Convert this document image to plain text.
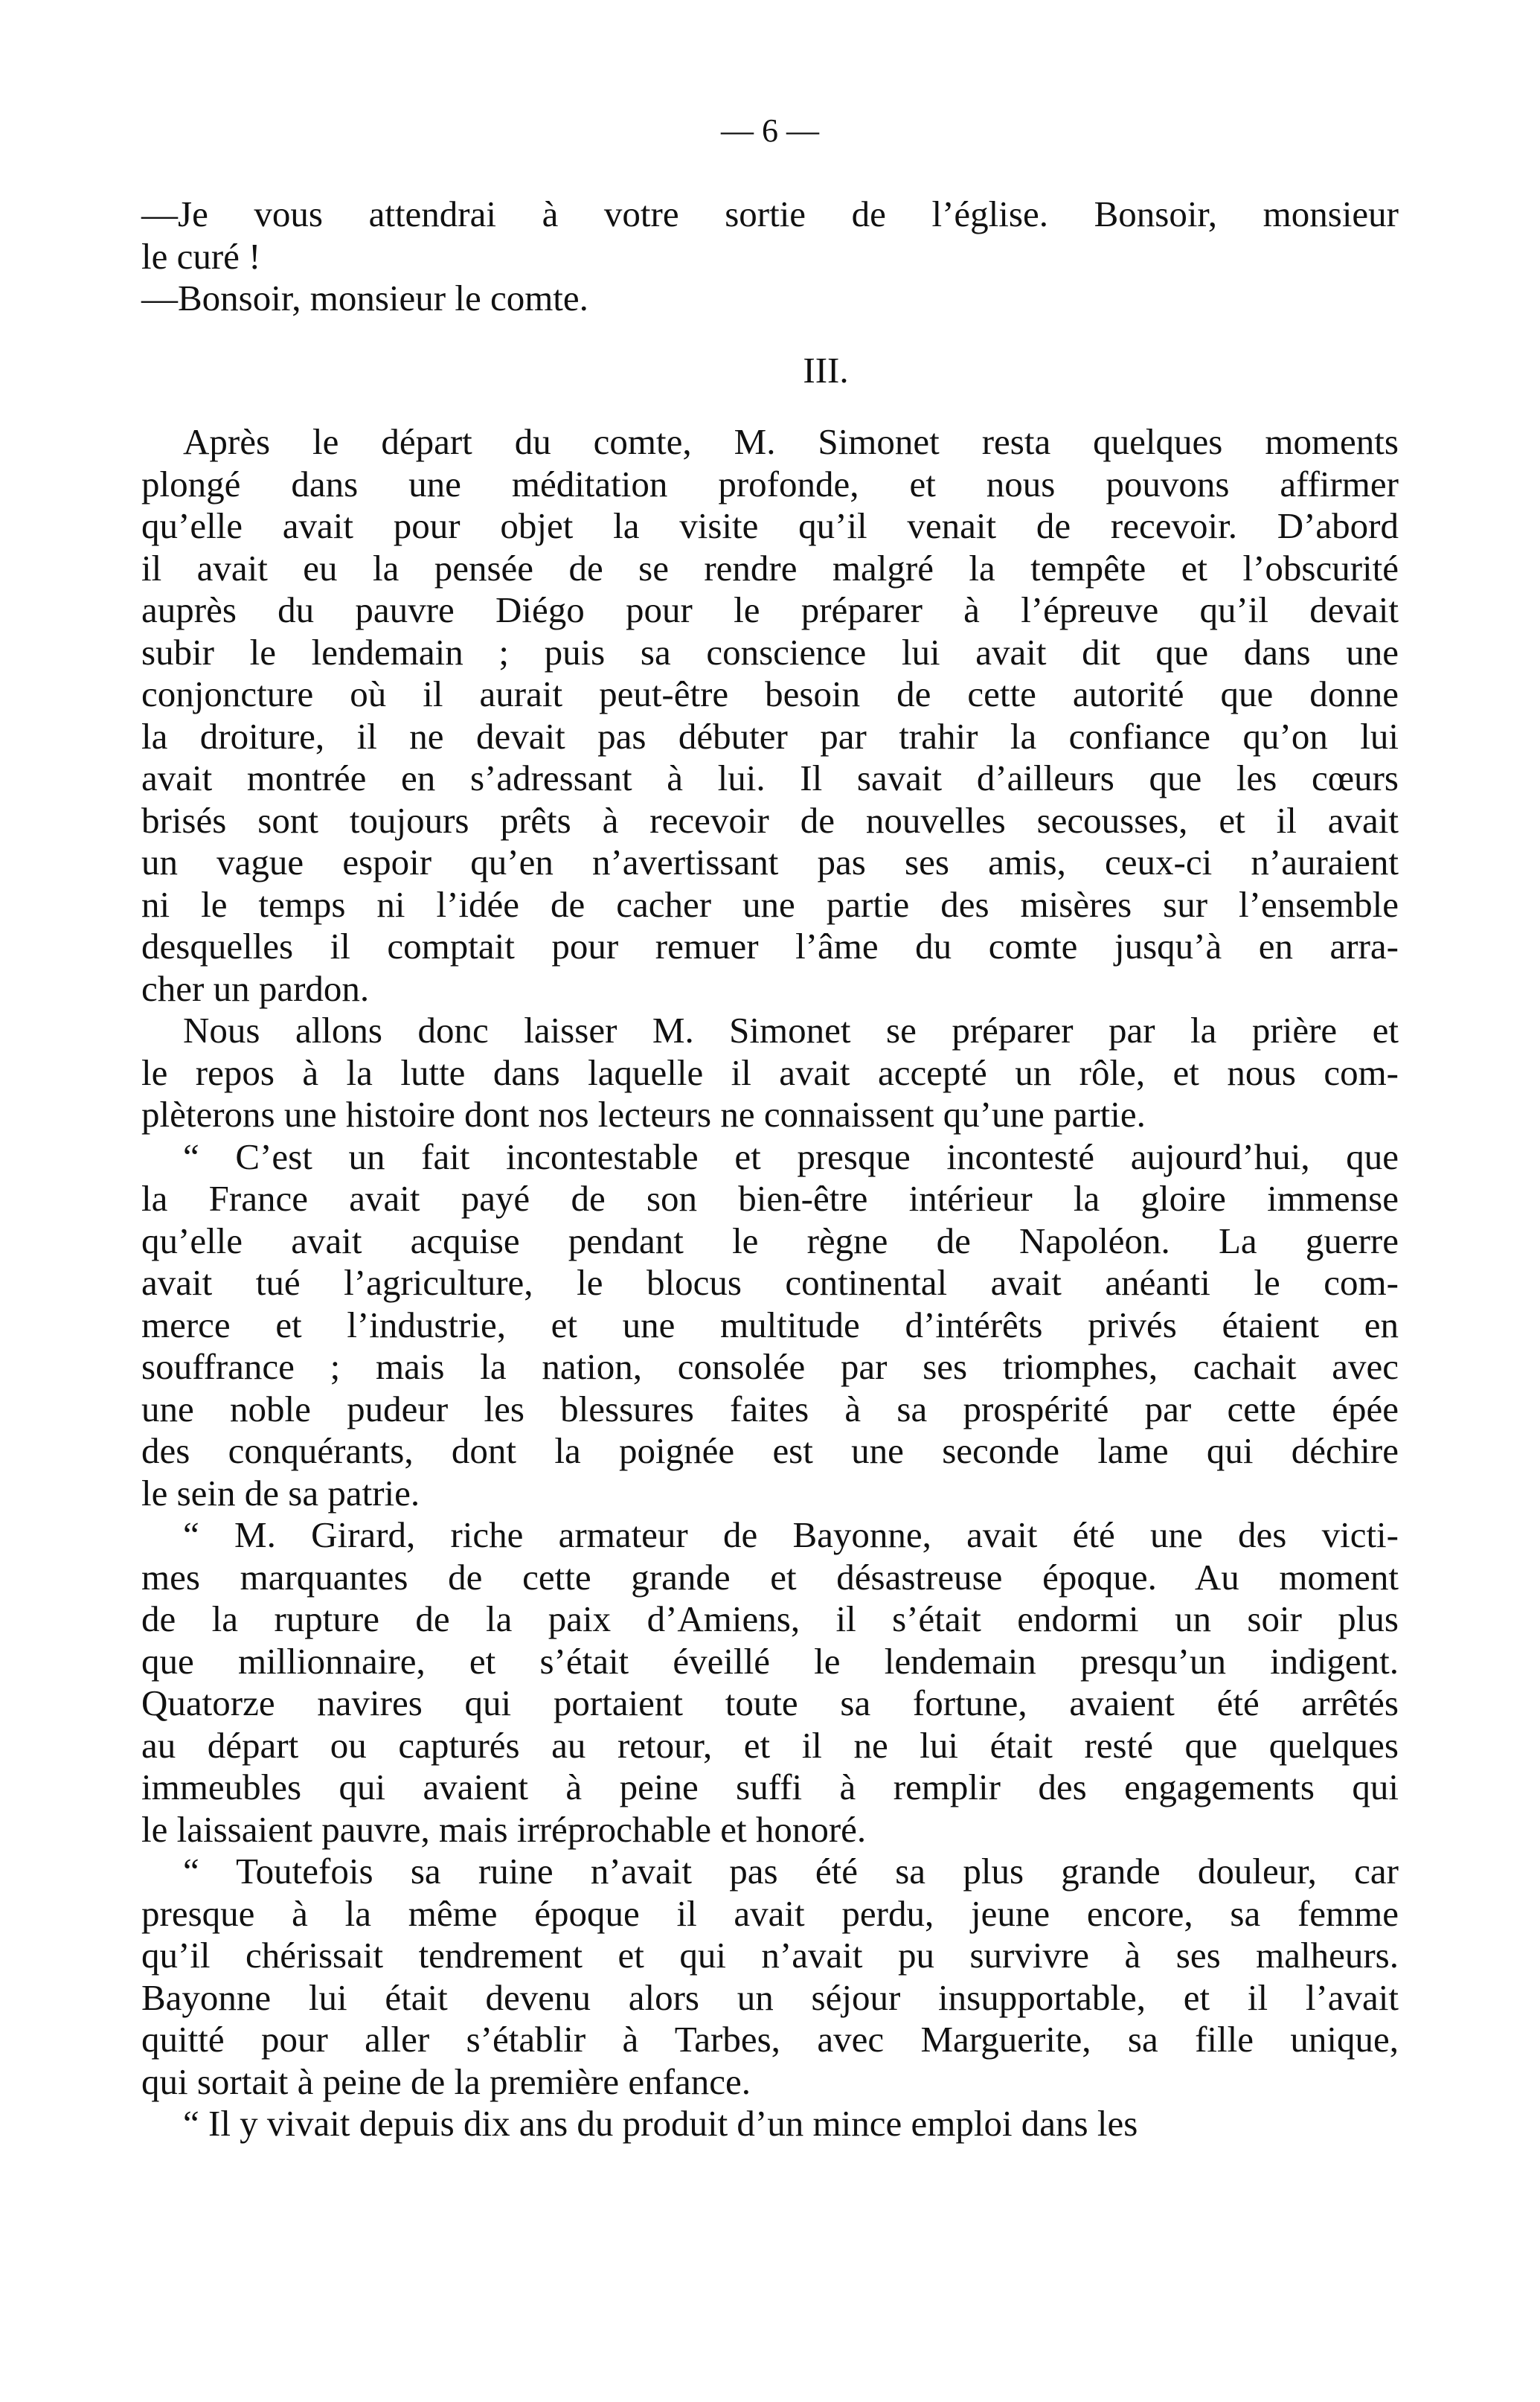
— 6 —
—Je vous attendrai à votre sortie de l’église. Bonsoir, monsieur
le curé !
—Bonsoir, monsieur le comte.
III.
Après le départ du comte, M. Simonet resta quelques moments
plongé dans une méditation profonde, et nous pouvons affirmer
qu’elle avait pour objet la visite qu’il venait de recevoir. D’abord
il avait eu la pensée de se rendre malgré la tempête et l’obscurité
auprès du pauvre Diégo pour le préparer à l’épreuve qu’il devait
subir le lendemain ; puis sa conscience lui avait dit que dans une
conjoncture où il aurait peut-être besoin de cette autorité que donne
la droiture, il ne devait pas débuter par trahir la confiance qu’on lui
avait montrée en s’adressant à lui. Il savait d’ailleurs que les cœurs
brisés sont toujours prêts à recevoir de nouvelles secousses, et il avait
un vague espoir qu’en n’avertissant pas ses amis, ceux-ci n’auraient
ni le temps ni l’idée de cacher une partie des misères sur l’ensemble
desquelles il comptait pour remuer l’âme du comte jusqu’à en arra-
cher un pardon.
Nous allons donc laisser M. Simonet se préparer par la prière et
le repos à la lutte dans laquelle il avait accepté un rôle, et nous com-
plèterons une histoire dont nos lecteurs ne connaissent qu’une partie.
“ C’est un fait incontestable et presque incontesté aujourd’hui, que
la France avait payé de son bien-être intérieur la gloire immense
qu’elle avait acquise pendant le règne de Napoléon. La guerre
avait tué l’agriculture, le blocus continental avait anéanti le com-
merce et l’industrie, et une multitude d’intérêts privés étaient en
souffrance ; mais la nation, consolée par ses triomphes, cachait avec
une noble pudeur les blessures faites à sa prospérité par cette épée
des conquérants, dont la poignée est une seconde lame qui déchire
le sein de sa patrie.
“ M. Girard, riche armateur de Bayonne, avait été une des victi-
mes marquantes de cette grande et désastreuse époque. Au moment
de la rupture de la paix d’Amiens, il s’était endormi un soir plus
que millionnaire, et s’était éveillé le lendemain presqu’un indigent.
Quatorze navires qui portaient toute sa fortune, avaient été arrêtés
au départ ou capturés au retour, et il ne lui était resté que quelques
immeubles qui avaient à peine suffi à remplir des engagements qui
le laissaient pauvre, mais irréprochable et honoré.
“ Toutefois sa ruine n’avait pas été sa plus grande douleur, car
presque à la même époque il avait perdu, jeune encore, sa femme
qu’il chérissait tendrement et qui n’avait pu survivre à ses malheurs.
Bayonne lui était devenu alors un séjour insupportable, et il l’avait
quitté pour aller s’établir à Tarbes, avec Marguerite, sa fille unique,
qui sortait à peine de la première enfance.
“ Il y vivait depuis dix ans du produit d’un mince emploi dans les
